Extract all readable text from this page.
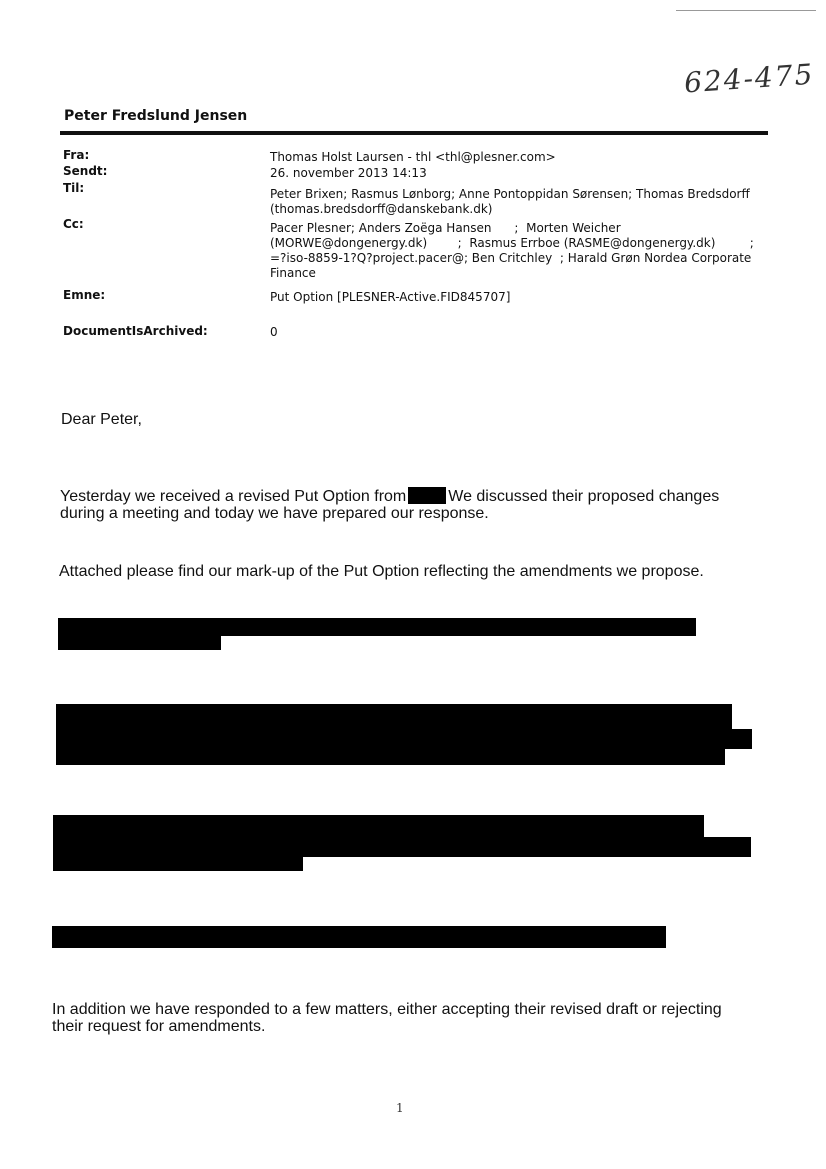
624-475
Peter Fredslund Jensen
Fra:	Thomas Holst Laursen - thl <thl@plesner.com>
Sendt:	26. november 2013 14:13
Til:	Peter Brixen; Rasmus Lønborg; Anne Pontoppidan Sørensen; Thomas Bredsdorff
(thomas.bredsdorff@danskebank.dk)
Cc:	Pacer Plesner; Anders Zoëga Hansen      ;  Morten Weicher
(MORWE@dongenergy.dk)        ;  Rasmus Errboe (RASME@dongenergy.dk)         ;
=?iso-8859-1?Q?project.pacer@; Ben Critchley  ; Harald Grøn Nordea Corporate
Finance
Emne:	Put Option [PLESNER-Active.FID845707]
DocumentIsArchived:	0
Dear Peter,
Yesterday we received a revised Put Option from	We discussed their proposed changes
during a meeting and today we have prepared our response.
Attached please find our mark-up of the Put Option reflecting the amendments we propose.
In addition we have responded to a few matters, either accepting their revised draft or rejecting
their request for amendments.
1
